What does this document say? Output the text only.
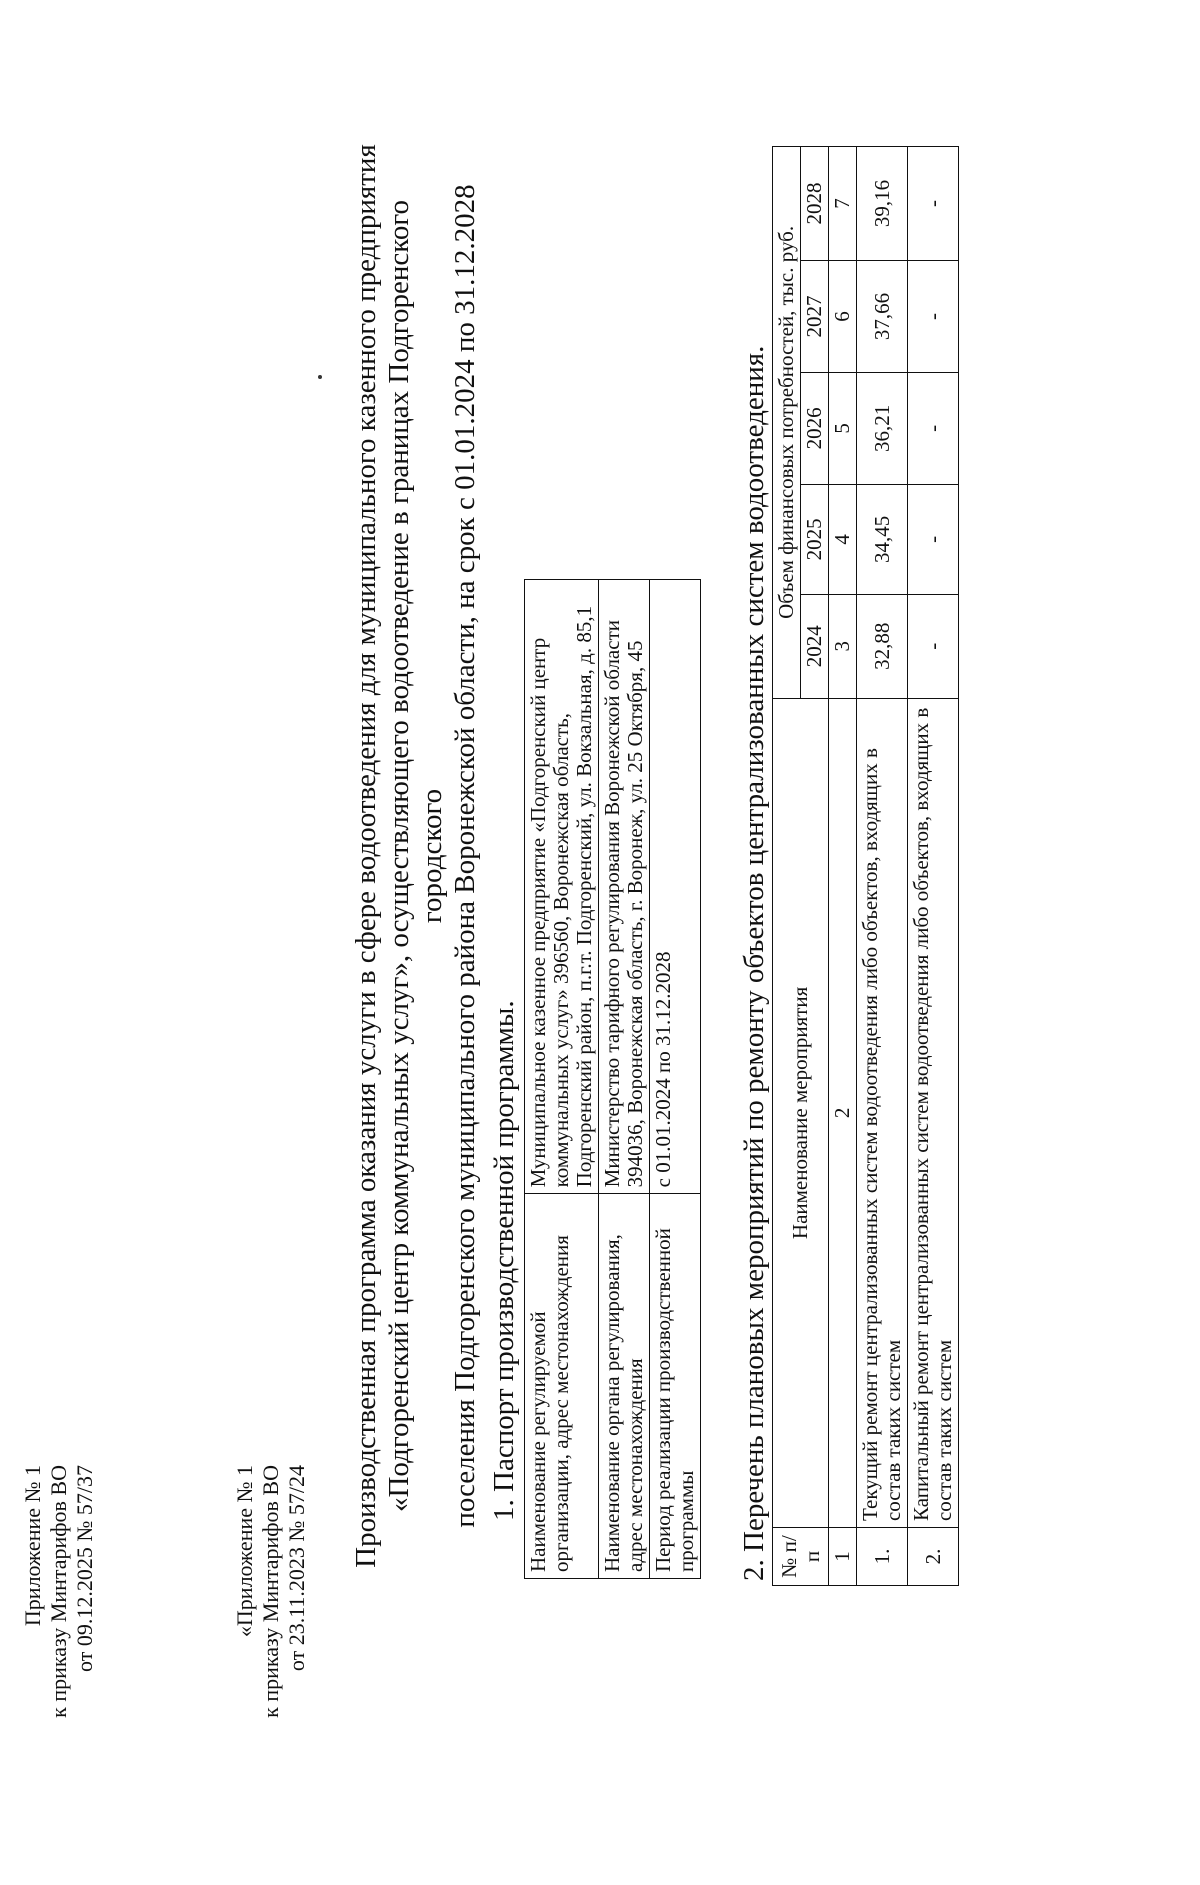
Приложение № 1 к приказу Минтарифов ВО от 09.12.2025 № 57/37	«Приложение № 1 к приказу Минтарифов ВО от 23.11.2023 № 57/24
Производственная программа оказания услуги в сфере водоотведения для муниципального казенного предприятия «Подгоренский центр коммунальных услуг», осуществляющего водоотведение в границах Подгоренского городского поселения Подгоренского муниципального района Воронежской области, на срок с 01.01.2024 по 31.12.2028 1. Паспорт производственной программы. Наименование регулируемой организации, адрес местонахождения	Муниципальное казенное предприятие «Подгоренский центр коммунальных услуг» 396560, Воронежская область, Подгоренский район, п.г.т. Подгоренский, ул. Вокзальная, д. 85,1
Наименование органа регулирования, адрес местонахождения	Министерство тарифного регулирования Воронежской области 394036, Воронежская область, г. Воронеж, ул. 25 Октября, 45
Период реализации производственной программы	с 01.01.2024 по 31.12.2028 2. Перечень плановых мероприятий по ремонту объектов централизованных систем водоотведения. № п/п	Наименование мероприятия	Объем финансовых потребностей, тыс. руб.				
		2024	2025	2026	2027	2028
1	2	3	4	5	6	7
1.	Текущий ремонт централизованных систем водоотведения либо объектов, входящих в состав таких систем	32,88	34,45	36,21	37,66	39,16
2.	Капитальный ремонт централизованных систем водоотведения либо объектов, входящих в состав таких систем	-	-	-	-	-
